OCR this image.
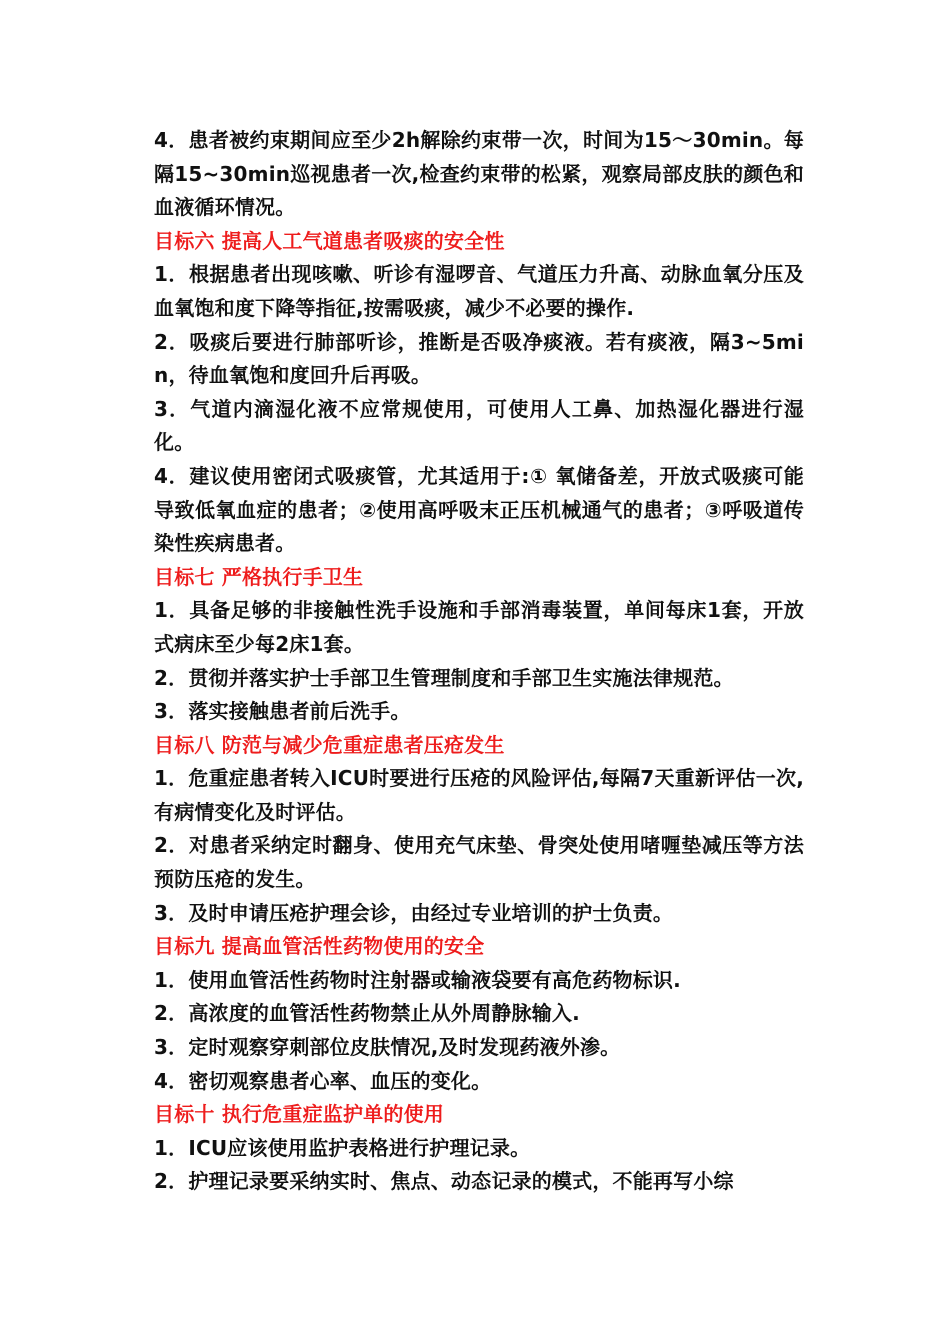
4．患者被约束期间应至少2h解除约束带一次，时间为15～30min。每隔15~30min巡视患者一次,检查约束带的松紧，观察局部皮肤的颜色和血液循环情况。

目标六 提高人工气道患者吸痰的安全性

1．根据患者出现咳嗽、听诊有湿啰音、气道压力升高、动脉血氧分压及血氧饱和度下降等指征,按需吸痰，减少不必要的操作.

2．吸痰后要进行肺部听诊，推断是否吸净痰液。若有痰液，隔3~5min，待血氧饱和度回升后再吸。

3．气道内滴湿化液不应常规使用，可使用人工鼻、加热湿化器进行湿化。

4．建议使用密闭式吸痰管，尤其适用于:① 氧储备差，开放式吸痰可能导致低氧血症的患者；②使用高呼吸末正压机械通气的患者；③呼吸道传染性疾病患者。

目标七 严格执行手卫生

1．具备足够的非接触性洗手设施和手部消毒装置，单间每床1套，开放式病床至少每2床1套。

2．贯彻并落实护士手部卫生管理制度和手部卫生实施法律规范。

3．落实接触患者前后洗手。

目标八 防范与减少危重症患者压疮发生

1．危重症患者转入ICU时要进行压疮的风险评估,每隔7天重新评估一次,有病情变化及时评估。

2．对患者采纳定时翻身、使用充气床垫、骨突处使用啫喱垫减压等方法预防压疮的发生。

3．及时申请压疮护理会诊，由经过专业培训的护士负责。

目标九 提高血管活性药物使用的安全

1．使用血管活性药物时注射器或输液袋要有高危药物标识.

2．高浓度的血管活性药物禁止从外周静脉输入.

3．定时观察穿刺部位皮肤情况,及时发现药液外渗。

4．密切观察患者心率、血压的变化。

目标十 执行危重症监护单的使用

1．ICU应该使用监护表格进行护理记录。

2．护理记录要采纳实时、焦点、动态记录的模式，不能再写小综
